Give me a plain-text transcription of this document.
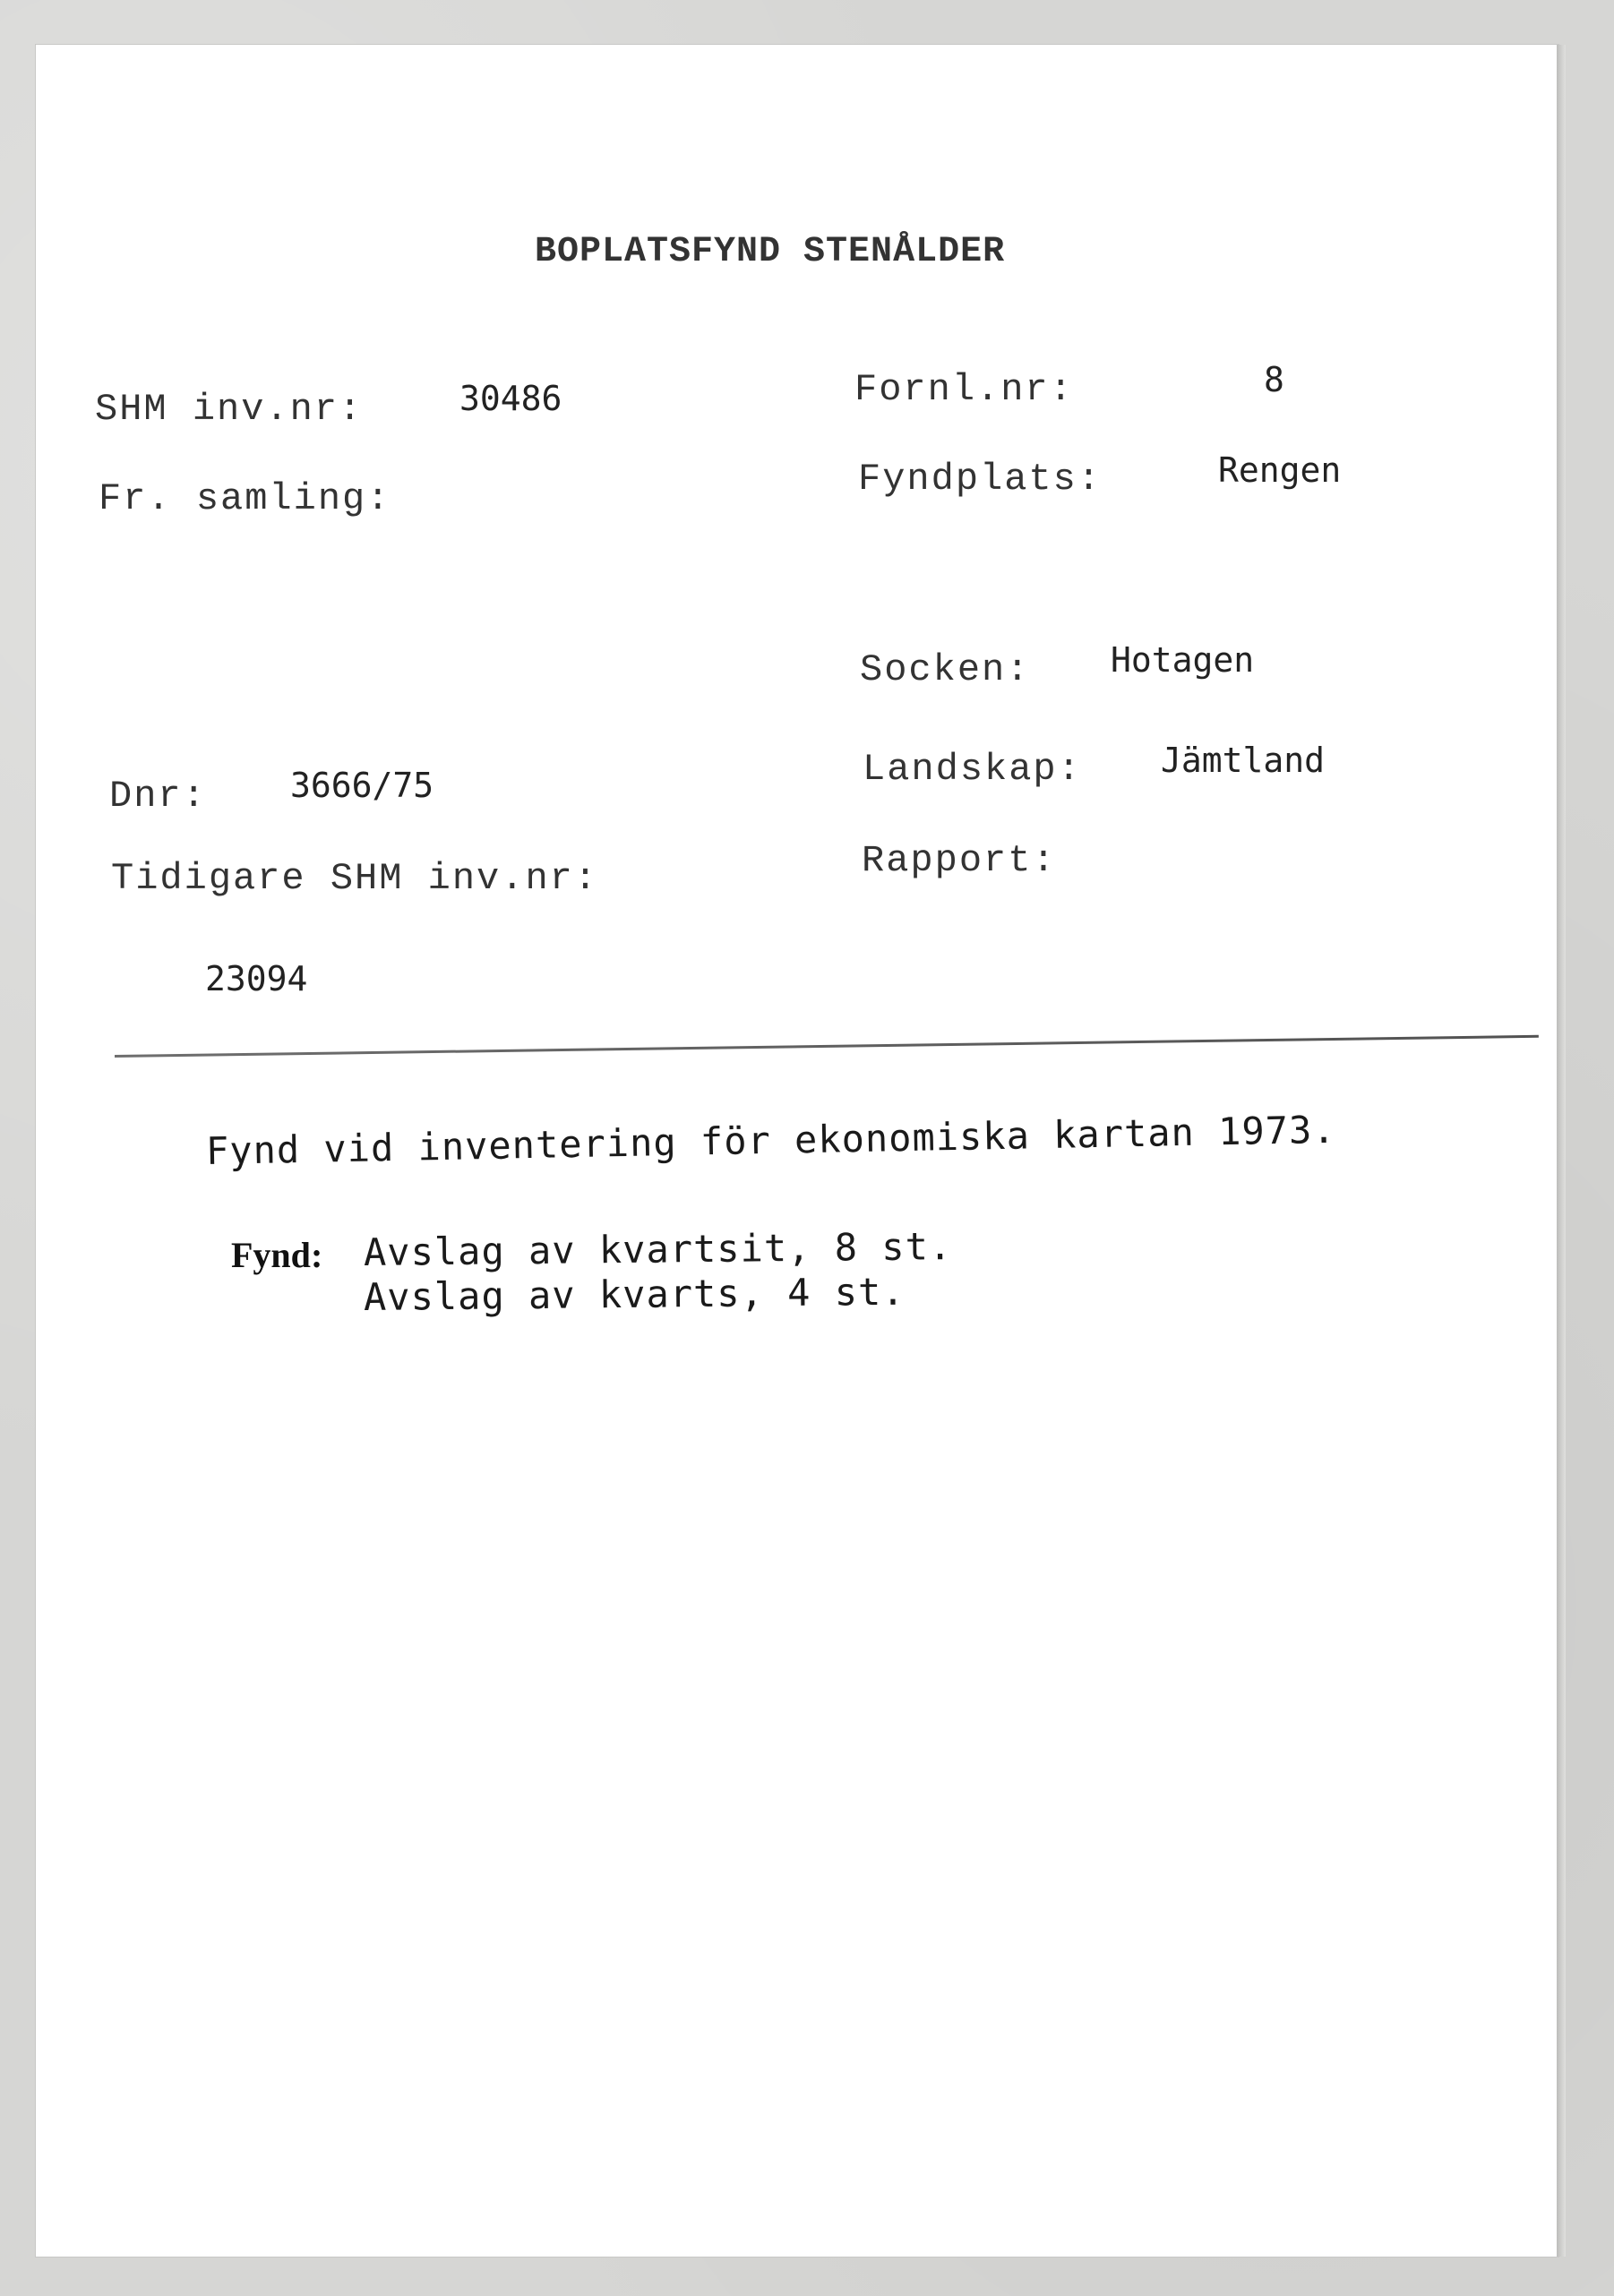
BOPLATSFYND STENÅLDER
SHM inv.nr:	30486	Fornl.nr:	8
Fr. samling:	Fyndplats:	Rengen
Socken: Hotagen
Dnr: 3666/75	Landskap: Jämtland
Tidigare SHM inv.nr:
23094
Rapport:
Fynd vid inventering för ekonomiska kartan 1973.
Fynd: Avslag av kvartsit, 8 st.
Avslag av kvarts, 4 st.
